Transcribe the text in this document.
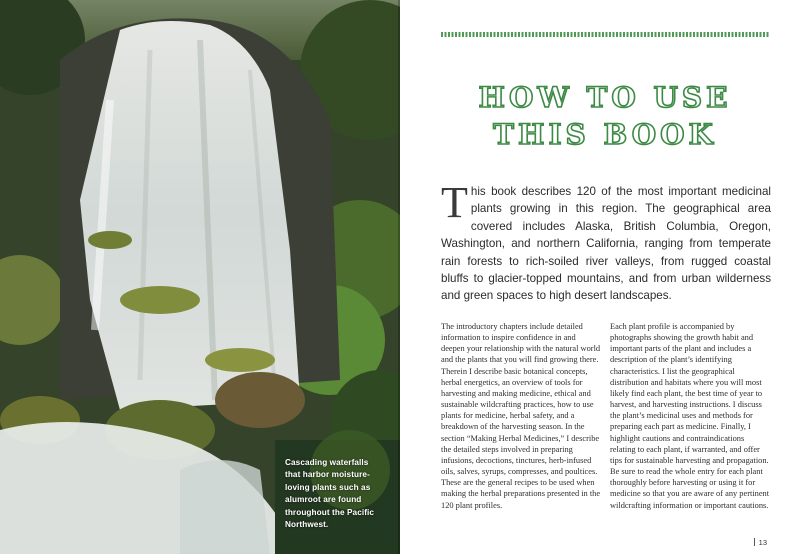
Cascading waterfalls that harbor moisture-loving plants such as alumroot are found throughout the Pacific Northwest.
HOW TO USE
THIS BOOK
T his book describes 120 of the most important medicinal plants growing in this region. The geographical area covered includes Alaska, British Columbia, Oregon, Washington, and northern California, ranging from temperate rain forests to rich-soiled river valleys, from rugged coastal bluffs to glacier-topped mountains, and from urban wilderness and green spaces to high desert landscapes.
The introductory chapters include detailed information to inspire confidence in and deepen your relationship with the natural world and the plants that you will find growing there. Therein I describe basic botanical concepts, herbal energetics, an overview of tools for harvesting and making medicine, ethical and sustainable wildcrafting practices, how to use plants for medicine, herbal safety, and a breakdown of the harvesting season. In the section “Making Herbal Medicines,” I describe the detailed steps involved in preparing infusions, decoctions, tinctures, herb-infused oils, salves, syrups, compresses, and poultices. These are the general recipes to be used when making the herbal preparations presented in the 120 plant profiles.
Each plant profile is accompanied by photographs showing the growth habit and important parts of the plant and includes a description of the plant’s identifying characteristics. I list the geographical distribution and habitats where you will most likely find each plant, the best time of year to harvest, and harvesting instructions. I discuss the plant’s medicinal uses and methods for preparing each part as medicine. Finally, I highlight cautions and contraindications relating to each plant, if warranted, and offer tips for sustainable harvesting and propagation. Be sure to read the whole entry for each plant thoroughly before harvesting or using it for medicine so that you are aware of any pertinent wildcrafting information or important cautions.
13
